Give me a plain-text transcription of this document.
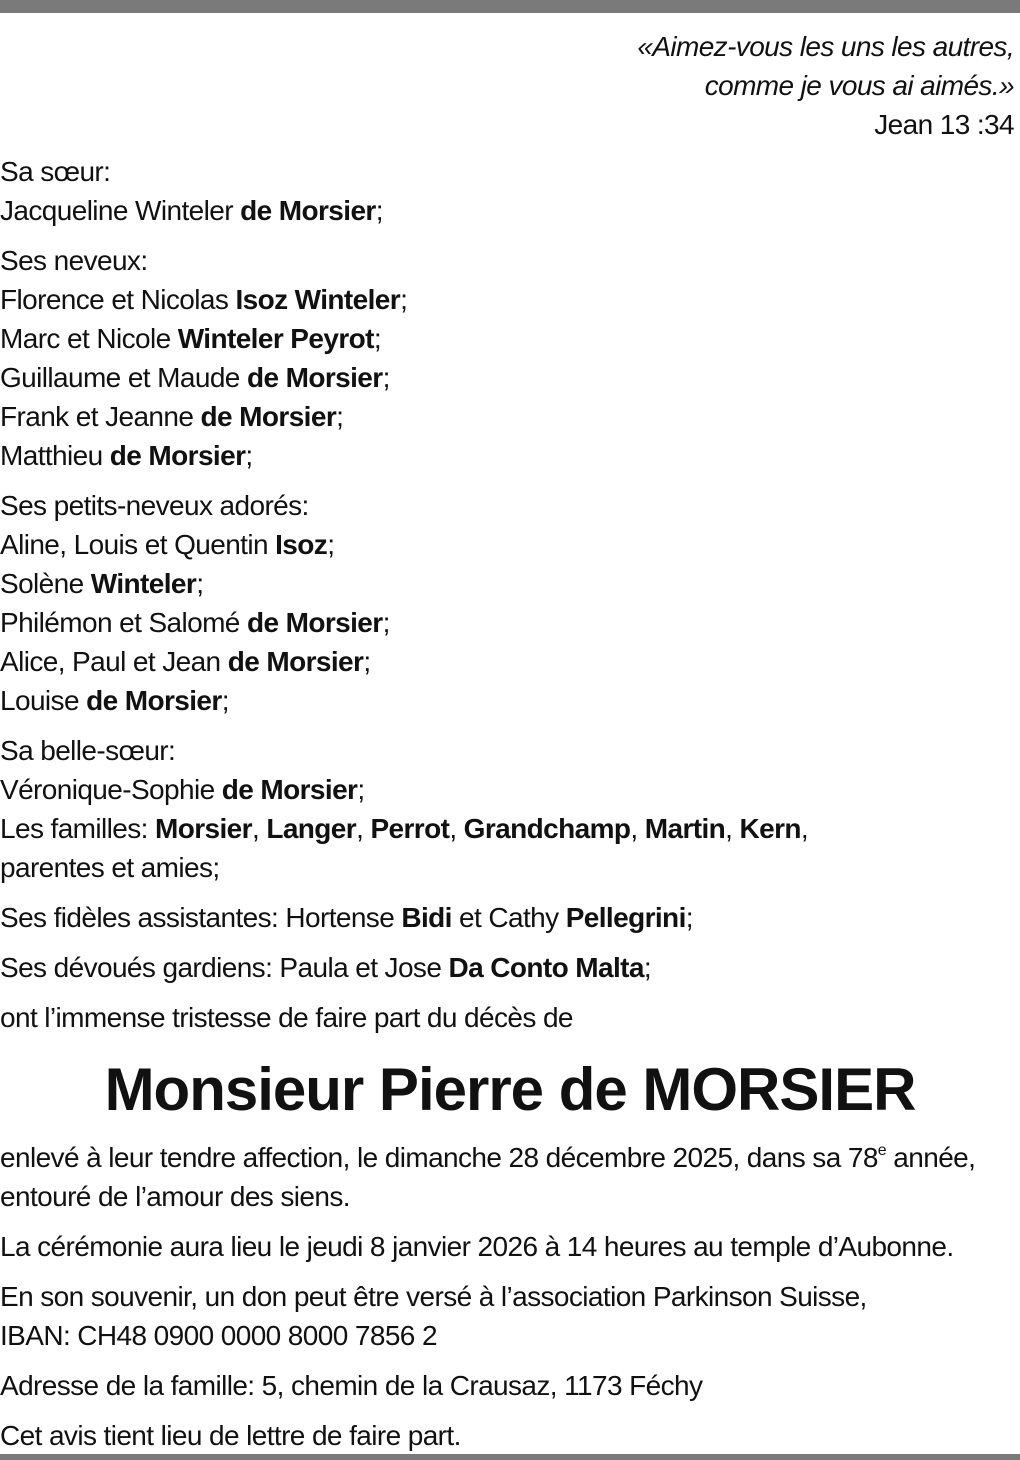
«Aimez-vous les uns les autres,
comme je vous ai aimés.»
Jean 13 :34
Sa sœur:
Jacqueline Winteler de Morsier;
Ses neveux:
Florence et Nicolas Isoz Winteler;
Marc et Nicole Winteler Peyrot;
Guillaume et Maude de Morsier;
Frank et Jeanne de Morsier;
Matthieu de Morsier;
Ses petits-neveux adorés:
Aline, Louis et Quentin Isoz;
Solène Winteler;
Philémon et Salomé de Morsier;
Alice, Paul et Jean de Morsier;
Louise de Morsier;
Sa belle-sœur:
Véronique-Sophie de Morsier;
Les familles: Morsier, Langer, Perrot, Grandchamp, Martin, Kern,
parentes et amies;
Ses fidèles assistantes: Hortense Bidi et Cathy Pellegrini;
Ses dévoués gardiens: Paula et Jose Da Conto Malta;
ont l’immense tristesse de faire part du décès de
Monsieur Pierre de MORSIER
enlevé à leur tendre affection, le dimanche 28 décembre 2025, dans sa 78e année,
entouré de l’amour des siens.
La cérémonie aura lieu le jeudi 8 janvier 2026 à 14 heures au temple d’Aubonne.
En son souvenir, un don peut être versé à l’association Parkinson Suisse,
IBAN: CH48 0900 0000 8000 7856 2
Adresse de la famille: 5, chemin de la Crausaz, 1173 Féchy
Cet avis tient lieu de lettre de faire part.
